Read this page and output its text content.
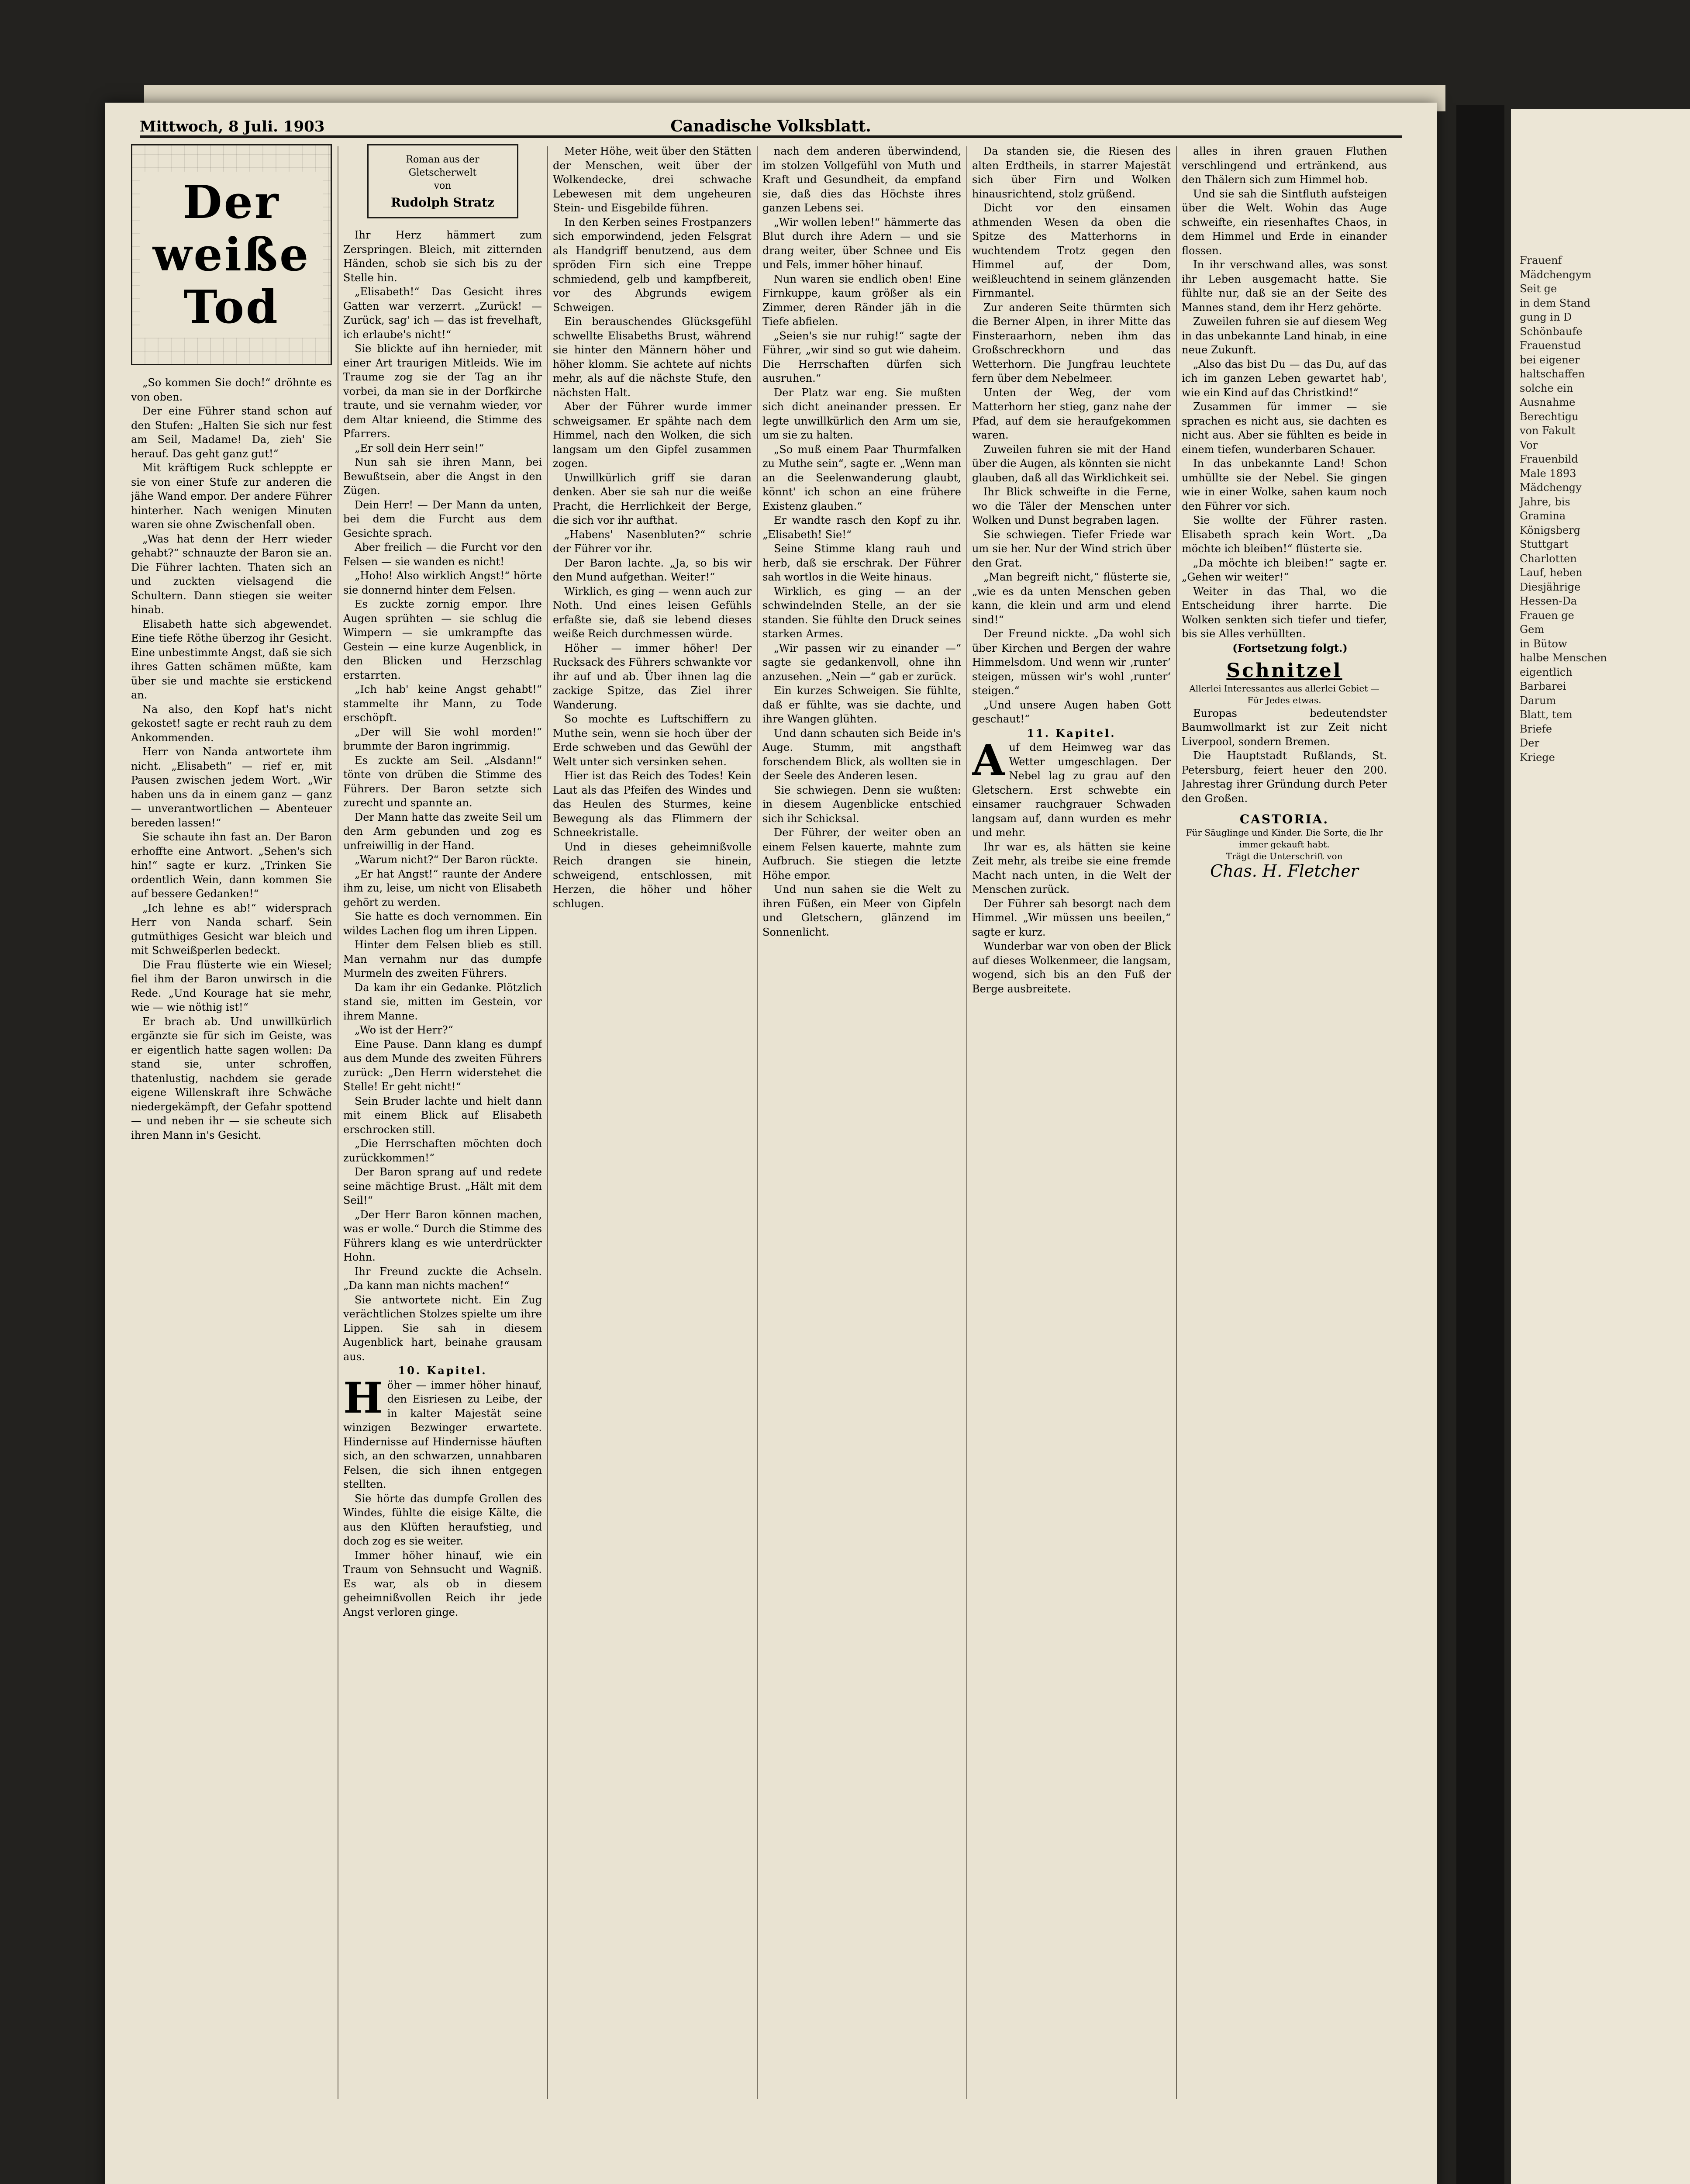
Frauenf

Mädchengym

Seit ge

in dem Stand

gung in D

Schönbaufe

Frauenstud

bei eigener

haltschaffen

solche ein

Ausnahme

Berechtigu

von Fakult

Vor

Frauenbild

Male 1893

Mädchengy

Jahre, bis

Gramina

Königsberg

Stuttgart

Charlotten

Lauf, heben

Diesjährige

Hessen-Da

Frauen ge

Gem

in Bütow

halbe Menschen

eigentlich

Barbarei

Darum

Blatt, tem

Briefe

Der

Kriege

Mittwoch, 8 Juli. 1903	Canadische Volksblatt.
Der
weiße
Tod

„So kommen Sie doch!“ dröhnte es von oben.

Der eine Führer stand schon auf den Stufen: „Halten Sie sich nur fest am Seil, Madame! Da, zieh' Sie herauf. Das geht ganz gut!“

Mit kräftigem Ruck schleppte er sie von einer Stufe zur anderen die jähe Wand empor. Der andere Führer hinterher. Nach wenigen Minuten waren sie ohne Zwischenfall oben.

„Was hat denn der Herr wieder gehabt?“ schnauzte der Baron sie an. Die Führer lachten. Thaten sich an und zuckten vielsagend die Schultern. Dann stiegen sie weiter hinab.

Elisabeth hatte sich abgewendet. Eine tiefe Röthe überzog ihr Gesicht. Eine unbestimmte Angst, daß sie sich ihres Gatten schämen müßte, kam über sie und machte sie erstickend an.

Na also, den Kopf hat's nicht gekostet! sagte er recht rauh zu dem Ankommenden.

Herr von Nanda antwortete ihm nicht. „Elisabeth“ — rief er, mit Pausen zwischen jedem Wort. „Wir haben uns da in einem ganz — ganz — unverantwortlichen — Abenteuer bereden lassen!“

Sie schaute ihn fast an. Der Baron erhoffte eine Antwort. „Sehen's sich hin!“ sagte er kurz. „Trinken Sie ordentlich Wein, dann kommen Sie auf bessere Gedanken!“

„Ich lehne es ab!“ widersprach Herr von Nanda scharf. Sein gutmüthiges Gesicht war bleich und mit Schweißperlen bedeckt.

Die Frau flüsterte wie ein Wiesel; fiel ihm der Baron unwirsch in die Rede. „Und Kourage hat sie mehr, wie — wie nöthig ist!“

Er brach ab. Und unwillkürlich ergänzte sie für sich im Geiste, was er eigentlich hatte sagen wollen: Da stand sie, unter schroffen, thatenlustig, nachdem sie gerade eigene Willenskraft ihre Schwäche niedergekämpft, der Gefahr spottend — und neben ihr — sie scheute sich ihren Mann in's Gesicht.

Roman aus der Gletscherwelt
von
Rudolph Stratz

Ihr Herz hämmert zum Zerspringen. Bleich, mit zitternden Händen, schob sie sich bis zu der Stelle hin.

„Elisabeth!“ Das Gesicht ihres Gatten war verzerrt. „Zurück! — Zurück, sag' ich — das ist frevelhaft, ich erlaube's nicht!“

Sie blickte auf ihn hernieder, mit einer Art traurigen Mitleids. Wie im Traume zog sie der Tag an ihr vorbei, da man sie in der Dorfkirche traute, und sie vernahm wieder, vor dem Altar knieend, die Stimme des Pfarrers.

„Er soll dein Herr sein!“

Nun sah sie ihren Mann, bei Bewußtsein, aber die Angst in den Zügen.

Dein Herr! — Der Mann da unten, bei dem die Furcht aus dem Gesichte sprach.

Aber freilich — die Furcht vor den Felsen — sie wanden es nicht!

„Hoho! Also wirklich Angst!“ hörte sie donnernd hinter dem Felsen.

Es zuckte zornig empor. Ihre Augen sprühten — sie schlug die Wimpern — sie umkrampfte das Gestein — eine kurze Augenblick, in den Blicken und Herzschlag erstarrten.

„Ich hab' keine Angst gehabt!“ stammelte ihr Mann, zu Tode erschöpft.

„Der will Sie wohl morden!“ brummte der Baron ingrimmig.

Es zuckte am Seil. „Alsdann!“ tönte von drüben die Stimme des Führers. Der Baron setzte sich zurecht und spannte an.

Der Mann hatte das zweite Seil um den Arm gebunden und zog es unfreiwillig in der Hand.

„Warum nicht?“ Der Baron rückte.

„Er hat Angst!“ raunte der Andere ihm zu, leise, um nicht von Elisabeth gehört zu werden.

Sie hatte es doch vernommen. Ein wildes Lachen flog um ihren Lippen.

Hinter dem Felsen blieb es still. Man vernahm nur das dumpfe Murmeln des zweiten Führers.

Da kam ihr ein Gedanke. Plötzlich stand sie, mitten im Gestein, vor ihrem Manne.

„Wo ist der Herr?“

Eine Pause. Dann klang es dumpf aus dem Munde des zweiten Führers zurück: „Den Herrn widerstehet die Stelle! Er geht nicht!“

Sein Bruder lachte und hielt dann mit einem Blick auf Elisabeth erschrocken still.

„Die Herrschaften möchten doch zurückkommen!“

Der Baron sprang auf und redete seine mächtige Brust. „Hält mit dem Seil!“

„Der Herr Baron können machen, was er wolle.“ Durch die Stimme des Führers klang es wie unterdrückter Hohn.

Ihr Freund zuckte die Achseln. „Da kann man nichts machen!“

Sie antwortete nicht. Ein Zug verächtlichen Stolzes spielte um ihre Lippen. Sie sah in diesem Augenblick hart, beinahe grausam aus.

10. Kapitel.

Höher — immer höher hinauf, den Eisriesen zu Leibe, der in kalter Majestät seine winzigen Bezwinger erwartete. Hindernisse auf Hindernisse häuften sich, an den schwarzen, unnahbaren Felsen, die sich ihnen entgegen stellten.

Sie hörte das dumpfe Grollen des Windes, fühlte die eisige Kälte, die aus den Klüften heraufstieg, und doch zog es sie weiter.

Immer höher hinauf, wie ein Traum von Sehnsucht und Wagniß. Es war, als ob in diesem geheimnißvollen Reich ihr jede Angst verloren ginge.

Meter Höhe, weit über den Stätten der Menschen, weit über der Wolkendecke, drei schwache Lebewesen mit dem ungeheuren Stein- und Eisgebilde führen.

In den Kerben seines Frostpanzers sich emporwindend, jeden Felsgrat als Handgriff benutzend, aus dem spröden Firn sich eine Treppe schmiedend, gelb und kampfbereit, vor des Abgrunds ewigem Schweigen.

Ein berauschendes Glücksgefühl schwellte Elisabeths Brust, während sie hinter den Männern höher und höher klomm. Sie achtete auf nichts mehr, als auf die nächste Stufe, den nächsten Halt.

Aber der Führer wurde immer schweigsamer. Er spähte nach dem Himmel, nach den Wolken, die sich langsam um den Gipfel zusammen zogen.

Unwillkürlich griff sie daran denken. Aber sie sah nur die weiße Pracht, die Herrlichkeit der Berge, die sich vor ihr aufthat.

„Habens' Nasenbluten?“ schrie der Führer vor ihr.

Der Baron lachte. „Ja, so bis wir den Mund aufgethan. Weiter!“

Wirklich, es ging — wenn auch zur Noth. Und eines leisen Gefühls erfaßte sie, daß sie lebend dieses weiße Reich durchmessen würde.

Höher — immer höher! Der Rucksack des Führers schwankte vor ihr auf und ab. Über ihnen lag die zackige Spitze, das Ziel ihrer Wanderung.

So mochte es Luftschiffern zu Muthe sein, wenn sie hoch über der Erde schweben und das Gewühl der Welt unter sich versinken sehen.

Hier ist das Reich des Todes! Kein Laut als das Pfeifen des Windes und das Heulen des Sturmes, keine Bewegung als das Flimmern der Schneekristalle.

Und in dieses geheimnißvolle Reich drangen sie hinein, schweigend, entschlossen, mit Herzen, die höher und höher schlugen.

nach dem anderen überwindend, im stolzen Vollgefühl von Muth und Kraft und Gesundheit, da empfand sie, daß dies das Höchste ihres ganzen Lebens sei.

„Wir wollen leben!“ hämmerte das Blut durch ihre Adern — und sie drang weiter, über Schnee und Eis und Fels, immer höher hinauf.

Nun waren sie endlich oben! Eine Firnkuppe, kaum größer als ein Zimmer, deren Ränder jäh in die Tiefe abfielen.

„Seien's sie nur ruhig!“ sagte der Führer, „wir sind so gut wie daheim. Die Herrschaften dürfen sich ausruhen.“

Der Platz war eng. Sie mußten sich dicht aneinander pressen. Er legte unwillkürlich den Arm um sie, um sie zu halten.

„So muß einem Paar Thurmfalken zu Muthe sein“, sagte er. „Wenn man an die Seelenwanderung glaubt, könnt' ich schon an eine frühere Existenz glauben.“

Er wandte rasch den Kopf zu ihr. „Elisabeth! Sie!“

Seine Stimme klang rauh und herb, daß sie erschrak. Der Führer sah wortlos in die Weite hinaus.

Wirklich, es ging — an der schwindelnden Stelle, an der sie standen. Sie fühlte den Druck seines starken Armes.

„Wir passen wir zu einander —“ sagte sie gedankenvoll, ohne ihn anzusehen. „Nein —“ gab er zurück.

Ein kurzes Schweigen. Sie fühlte, daß er fühlte, was sie dachte, und ihre Wangen glühten.

Und dann schauten sich Beide in's Auge. Stumm, mit angsthaft forschendem Blick, als wollten sie in der Seele des Anderen lesen.

Sie schwiegen. Denn sie wußten: in diesem Augenblicke entschied sich ihr Schicksal.

Der Führer, der weiter oben an einem Felsen kauerte, mahnte zum Aufbruch. Sie stiegen die letzte Höhe empor.

Und nun sahen sie die Welt zu ihren Füßen, ein Meer von Gipfeln und Gletschern, glänzend im Sonnenlicht.

Da standen sie, die Riesen des alten Erdtheils, in starrer Majestät sich über Firn und Wolken hinausrichtend, stolz grüßend.

Dicht vor den einsamen athmenden Wesen da oben die Spitze des Matterhorns in wuchtendem Trotz gegen den Himmel auf, der Dom, weißleuchtend in seinem glänzenden Firnmantel.

Zur anderen Seite thürmten sich die Berner Alpen, in ihrer Mitte das Finsteraarhorn, neben ihm das Großschreckhorn und das Wetterhorn. Die Jungfrau leuchtete fern über dem Nebelmeer.

Unten der Weg, der vom Matterhorn her stieg, ganz nahe der Pfad, auf dem sie heraufgekommen waren.

Zuweilen fuhren sie mit der Hand über die Augen, als könnten sie nicht glauben, daß all das Wirklichkeit sei.

Ihr Blick schweifte in die Ferne, wo die Täler der Menschen unter Wolken und Dunst begraben lagen.

Sie schwiegen. Tiefer Friede war um sie her. Nur der Wind strich über den Grat.

„Man begreift nicht,“ flüsterte sie, „wie es da unten Menschen geben kann, die klein und arm und elend sind!“

Der Freund nickte. „Da wohl sich über Kirchen und Bergen der wahre Himmelsdom. Und wenn wir ‚runter‘ steigen, müssen wir's wohl ‚runter‘ steigen.“

„Und unsere Augen haben Gott geschaut!“

11. Kapitel.

Auf dem Heimweg war das Wetter umgeschlagen. Der Nebel lag zu grau auf den Gletschern. Erst schwebte ein einsamer rauchgrauer Schwaden langsam auf, dann wurden es mehr und mehr.

Ihr war es, als hätten sie keine Zeit mehr, als treibe sie eine fremde Macht nach unten, in die Welt der Menschen zurück.

Der Führer sah besorgt nach dem Himmel. „Wir müssen uns beeilen,“ sagte er kurz.

Wunderbar war von oben der Blick auf dieses Wolkenmeer, die langsam, wogend, sich bis an den Fuß der Berge ausbreitete.

alles in ihren grauen Fluthen verschlingend und ertränkend, aus den Thälern sich zum Himmel hob.

Und sie sah die Sintfluth aufsteigen über die Welt. Wohin das Auge schweifte, ein riesenhaftes Chaos, in dem Himmel und Erde in einander flossen.

In ihr verschwand alles, was sonst ihr Leben ausgemacht hatte. Sie fühlte nur, daß sie an der Seite des Mannes stand, dem ihr Herz gehörte.

Zuweilen fuhren sie auf diesem Weg in das unbekannte Land hinab, in eine neue Zukunft.

„Also das bist Du — das Du, auf das ich im ganzen Leben gewartet hab', wie ein Kind auf das Christkind!“

Zusammen für immer — sie sprachen es nicht aus, sie dachten es nicht aus. Aber sie fühlten es beide in einem tiefen, wunderbaren Schauer.

In das unbekannte Land! Schon umhüllte sie der Nebel. Sie gingen wie in einer Wolke, sahen kaum noch den Führer vor sich.

Sie wollte der Führer rasten. Elisabeth sprach kein Wort. „Da möchte ich bleiben!“ flüsterte sie.

„Da möchte ich bleiben!“ sagte er. „Gehen wir weiter!“

Weiter in das Thal, wo die Entscheidung ihrer harrte. Die Wolken senkten sich tiefer und tiefer, bis sie Alles verhüllten.

(Fortsetzung folgt.)

Schnitzel

Allerlei Interessantes aus allerlei Gebiet — Für Jedes etwas.

Europas bedeutendster Baumwollmarkt ist zur Zeit nicht Liverpool, sondern Bremen.

Die Hauptstadt Rußlands, St. Petersburg, feiert heuer den 200. Jahrestag ihrer Gründung durch Peter den Großen.

CASTORIA.
Für Säuglinge und Kinder. Die Sorte, die Ihr immer gekauft habt.
Trägt die Unterschrift von
Chas. H. Fletcher
